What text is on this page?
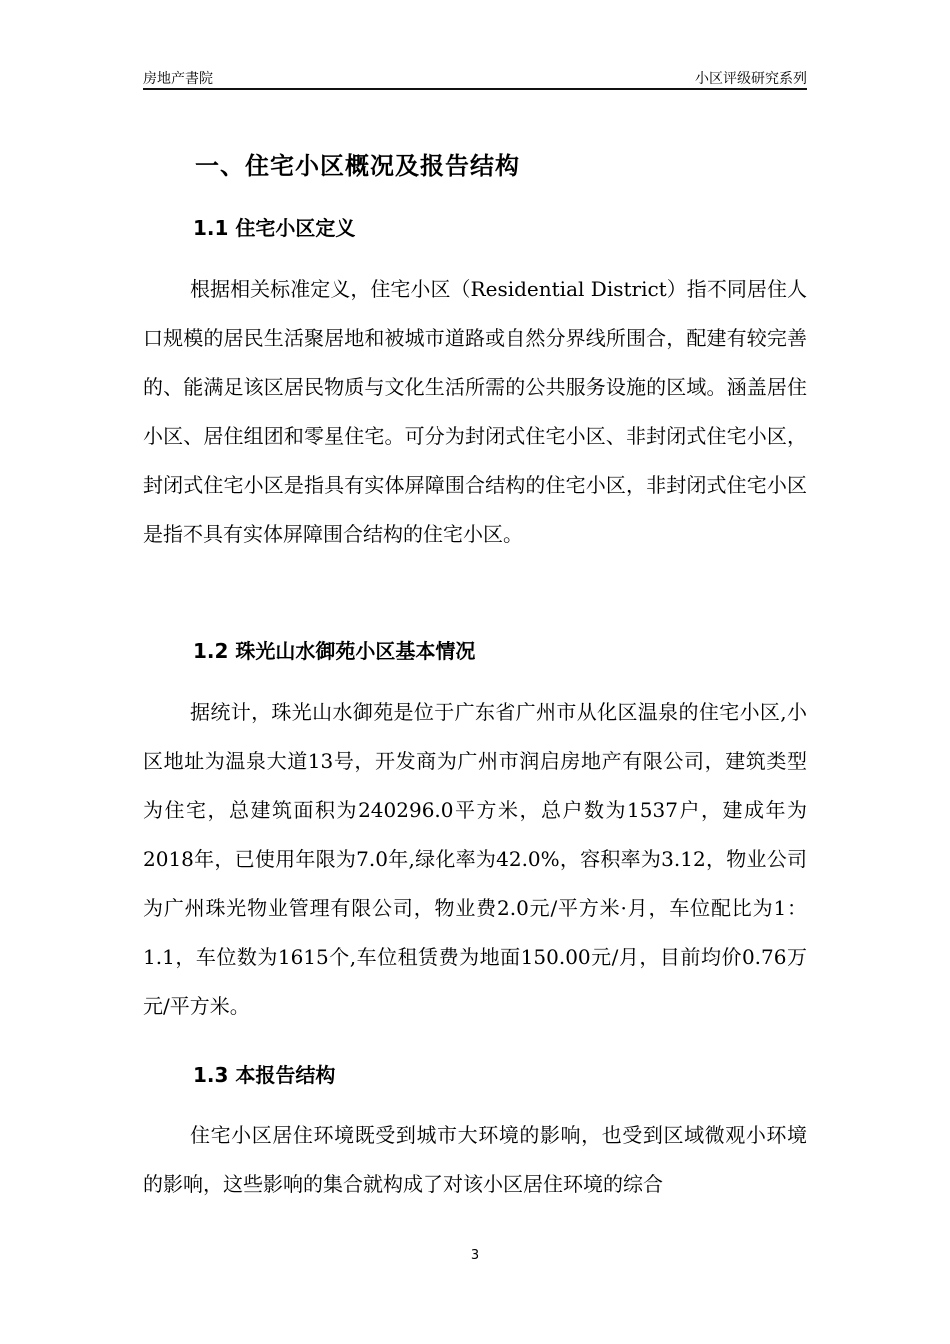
房地产書院	小区评级研究系列
一、住宅小区概况及报告结构
1.1 住宅小区定义

根据相关标准定义，住宅小区（Residential District）指不同居住人口规模的居民生活聚居地和被城市道路或自然分界线所围合，配建有较完善的、能满足该区居民物质与文化生活所需的公共服务设施的区域。涵盖居住小区、居住组团和零星住宅。可分为封闭式住宅小区、非封闭式住宅小区，封闭式住宅小区是指具有实体屏障围合结构的住宅小区，非封闭式住宅小区是指不具有实体屏障围合结构的住宅小区。

1.2 珠光山水御苑小区基本情况

据统计，珠光山水御苑是位于广东省广州市从化区温泉的住宅小区,小区地址为温泉大道13号，开发商为广州市润启房地产有限公司，建筑类型为住宅，总建筑面积为240296.0平方米，总户数为1537户，建成年为2018年，已使用年限为7.0年,绿化率为42.0%，容积率为3.12，物业公司为广州珠光物业管理有限公司，物业费2.0元/平方米·月，车位配比为1：1.1，车位数为1615个,车位租赁费为地面150.00元/月，目前均价0.76万元/平方米。

1.3 本报告结构

住宅小区居住环境既受到城市大环境的影响，也受到区域微观小环境的影响，这些影响的集合就构成了对该小区居住环境的综合

3
